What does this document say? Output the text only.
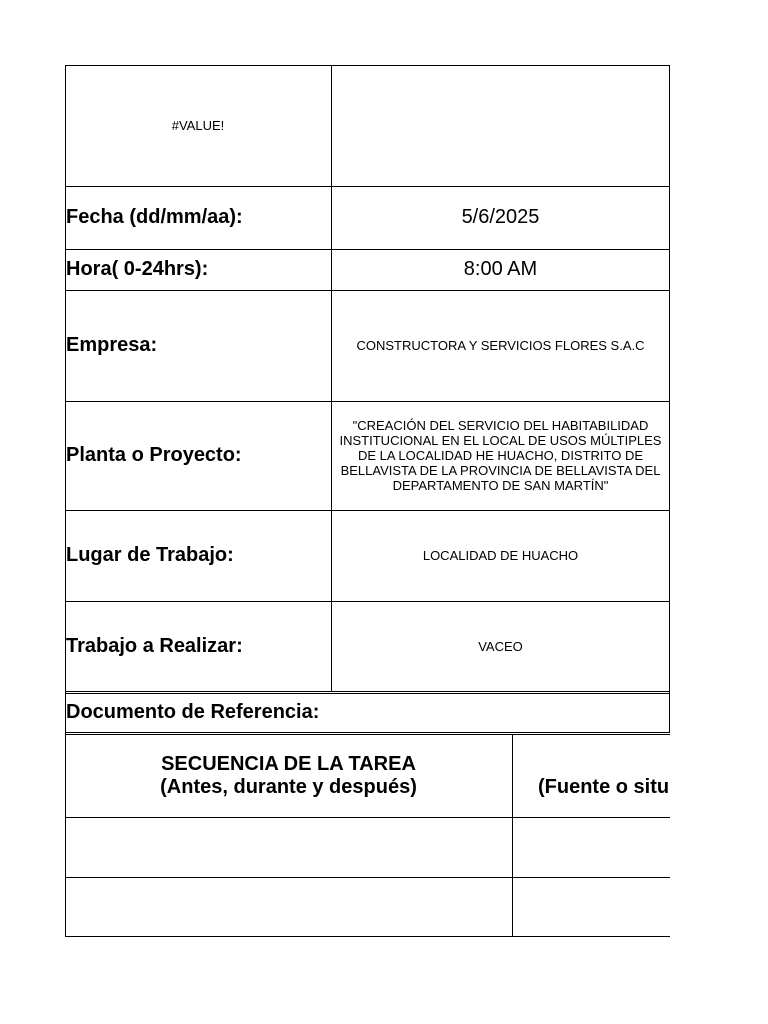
#VALUE!
Fecha (dd/mm/aa):	5/6/2025
Hora( 0-24hrs):	8:00 AM
Empresa:	CONSTRUCTORA Y SERVICIOS FLORES S.A.C
Planta o Proyecto:
"CREACIÓN DEL SERVICIO DEL HABITABILIDAD INSTITUCIONAL EN EL LOCAL DE USOS MÚLTIPLES DE LA LOCALIDAD HE HUACHO, DISTRITO DE BELLAVISTA DE LA PROVINCIA DE BELLAVISTA DEL DEPARTAMENTO DE SAN MARTÍN"
Lugar de Trabajo:	LOCALIDAD DE HUACHO
Trabajo a Realizar:	VACEO
Documento de Referencia:
SECUENCIA DE LA TAREA
(Antes, durante y después)	(Fuente o situ
